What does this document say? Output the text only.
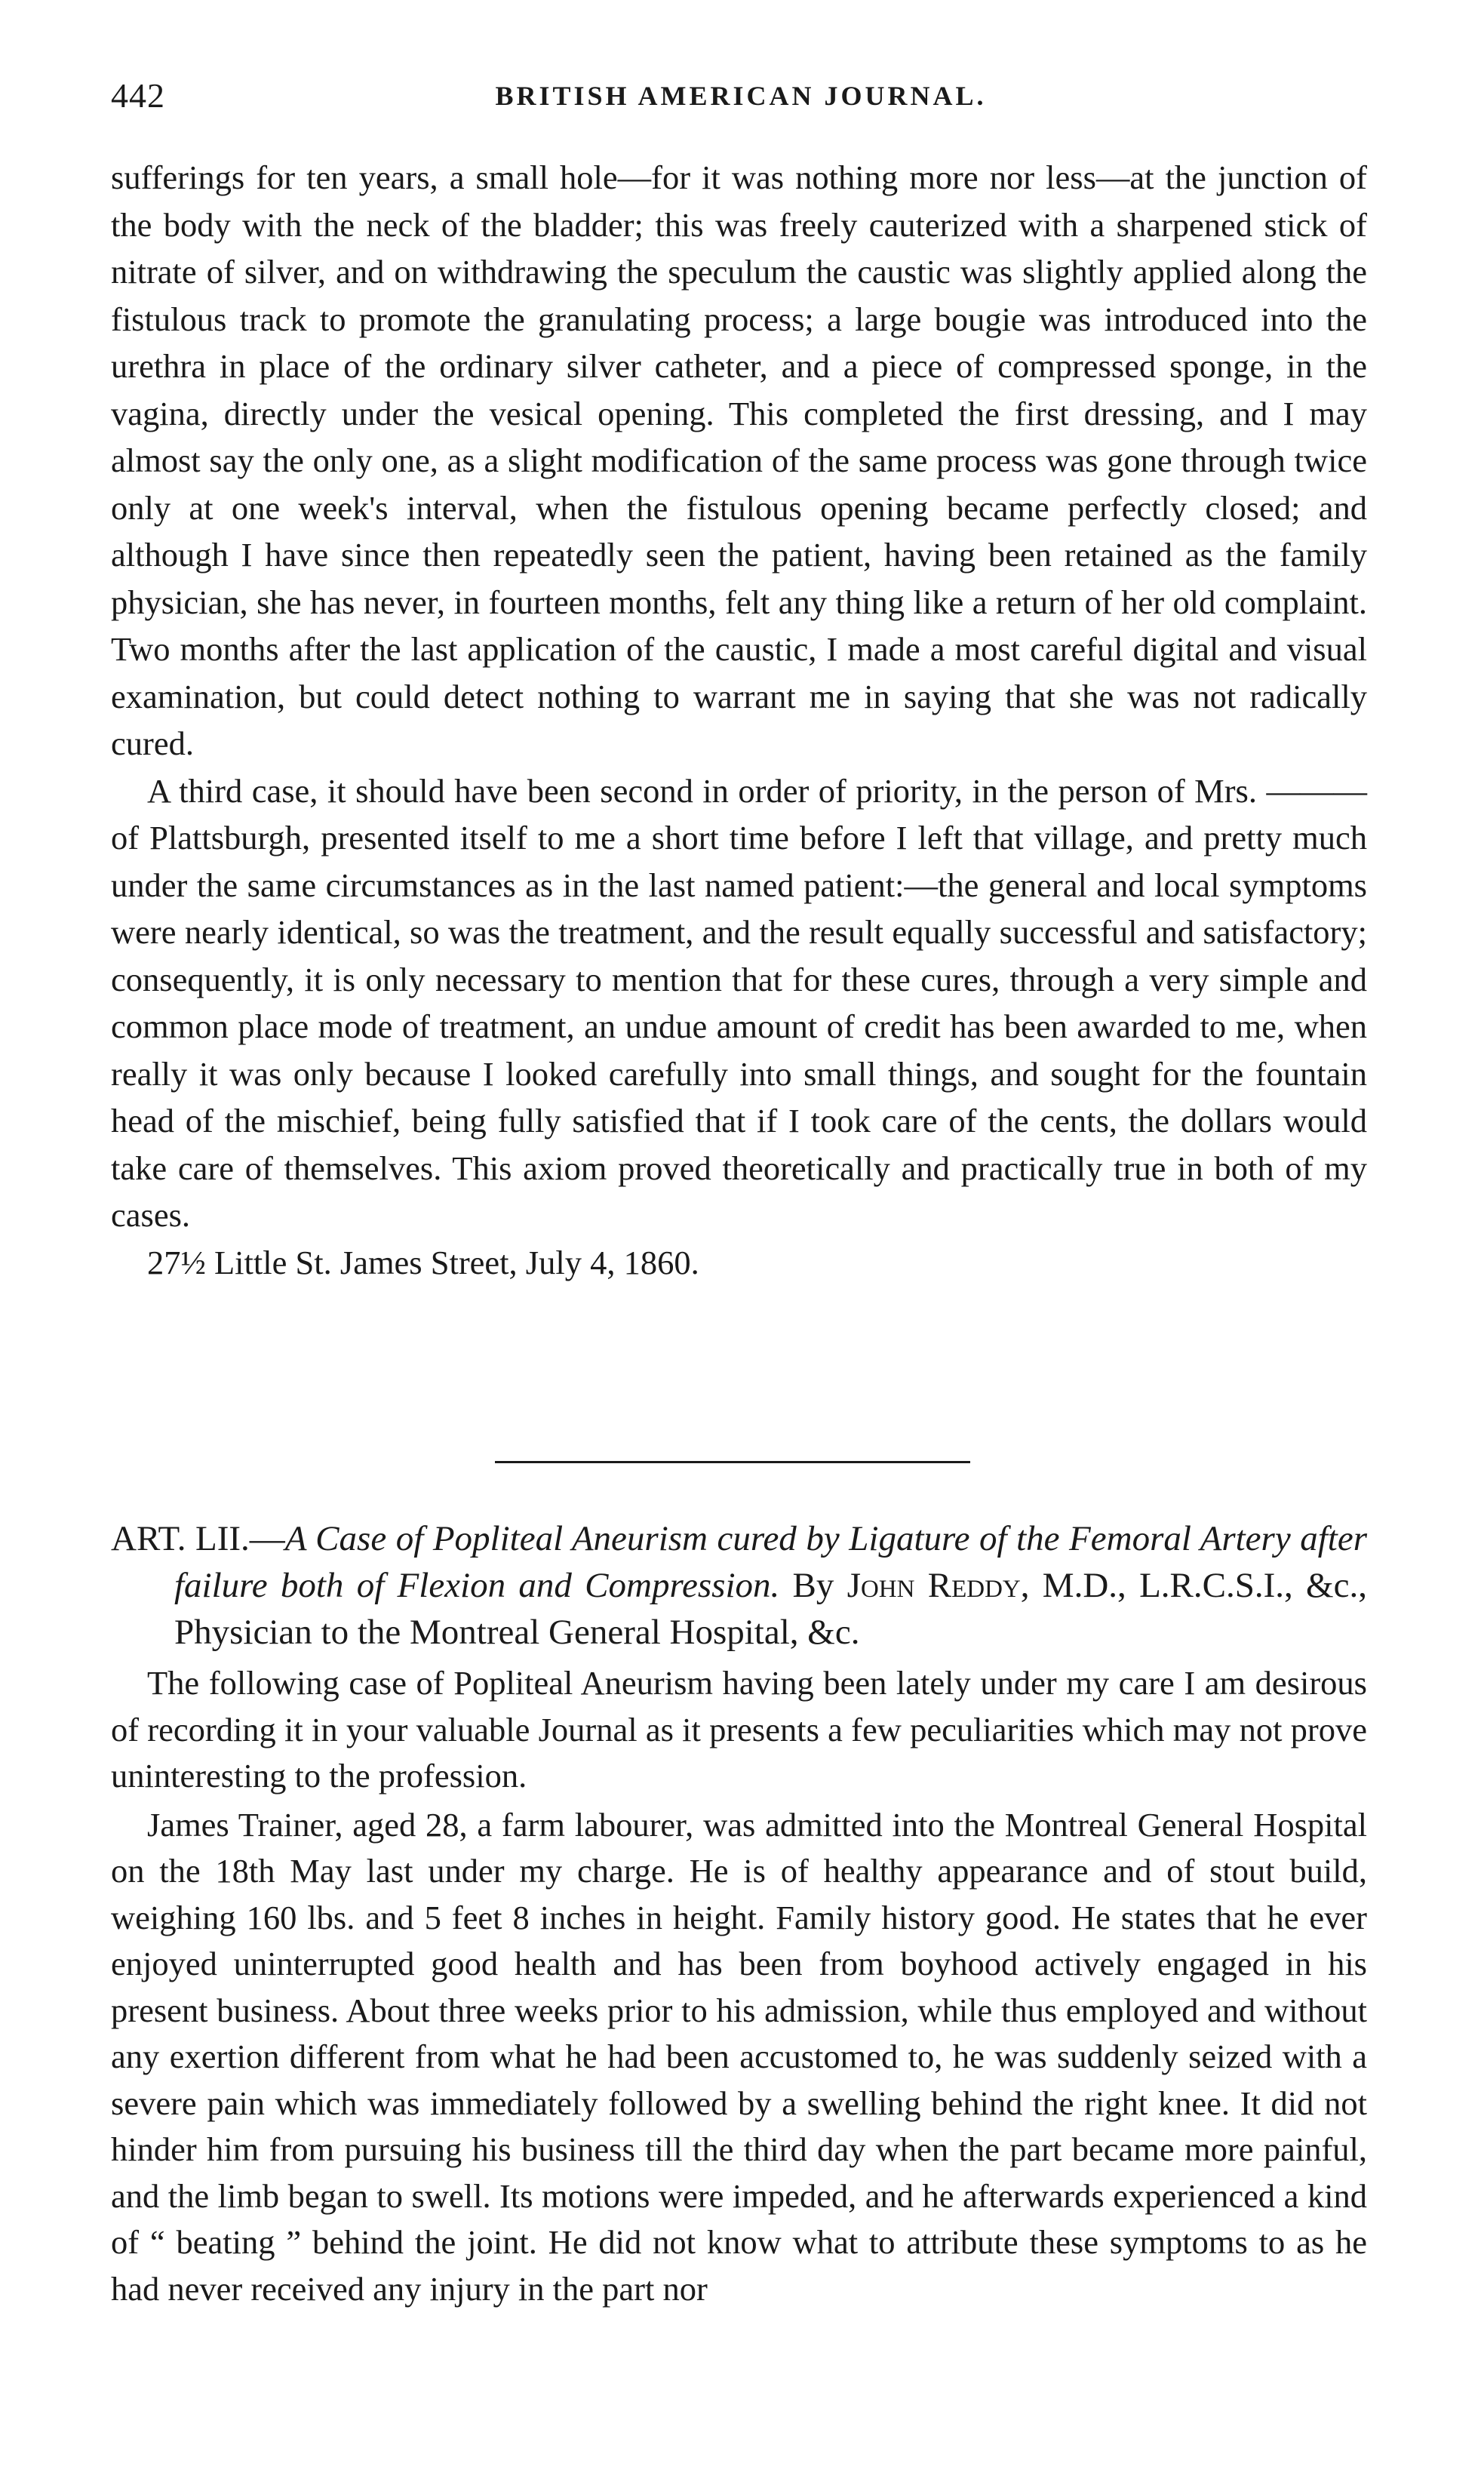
442	BRITISH AMERICAN JOURNAL.

sufferings for ten years, a small hole—for it was nothing more nor less—at the junction of the body with the neck of the bladder; this was freely cauterized with a sharpened stick of nitrate of silver, and on withdrawing the speculum the caustic was slightly applied along the fistulous track to promote the granulating process; a large bougie was introduced into the urethra in place of the ordinary silver catheter, and a piece of compressed sponge, in the vagina, directly under the vesical opening. This completed the first dressing, and I may almost say the only one, as a slight modification of the same process was gone through twice only at one week's interval, when the fistulous opening became perfectly closed; and although I have since then repeatedly seen the patient, having been retained as the family physician, she has never, in fourteen months, felt any thing like a return of her old complaint. Two months after the last application of the caustic, I made a most careful digital and visual examination, but could detect nothing to warrant me in saying that she was not radically cured.

A third case, it should have been second in order of priority, in the person of Mrs. ——— of Plattsburgh, presented itself to me a short time before I left that village, and pretty much under the same circumstances as in the last named patient:—the general and local symptoms were nearly identical, so was the treatment, and the result equally successful and satisfactory; consequently, it is only necessary to mention that for these cures, through a very simple and common place mode of treatment, an undue amount of credit has been awarded to me, when really it was only because I looked carefully into small things, and sought for the fountain head of the mischief, being fully satisfied that if I took care of the cents, the dollars would take care of themselves. This axiom proved theoretically and practically true in both of my cases.

27½ Little St. James Street, July 4, 1860.

ART. LII.—A Case of Popliteal Aneurism cured by Ligature of the Femoral Artery after failure both of Flexion and Compression. By John Reddy, M.D., L.R.C.S.I., &c., Physician to the Montreal General Hospital, &c.

The following case of Popliteal Aneurism having been lately under my care I am desirous of recording it in your valuable Journal as it presents a few peculiarities which may not prove uninteresting to the profession.

James Trainer, aged 28, a farm labourer, was admitted into the Montreal General Hospital on the 18th May last under my charge. He is of healthy appearance and of stout build, weighing 160 lbs. and 5 feet 8 inches in height. Family history good. He states that he ever enjoyed uninterrupted good health and has been from boyhood actively engaged in his present business. About three weeks prior to his admission, while thus employed and without any exertion different from what he had been accustomed to, he was suddenly seized with a severe pain which was immediately followed by a swelling behind the right knee. It did not hinder him from pursuing his business till the third day when the part became more painful, and the limb began to swell. Its motions were impeded, and he afterwards experienced a kind of “ beating ” behind the joint. He did not know what to attribute these symptoms to as he had never received any injury in the part nor
